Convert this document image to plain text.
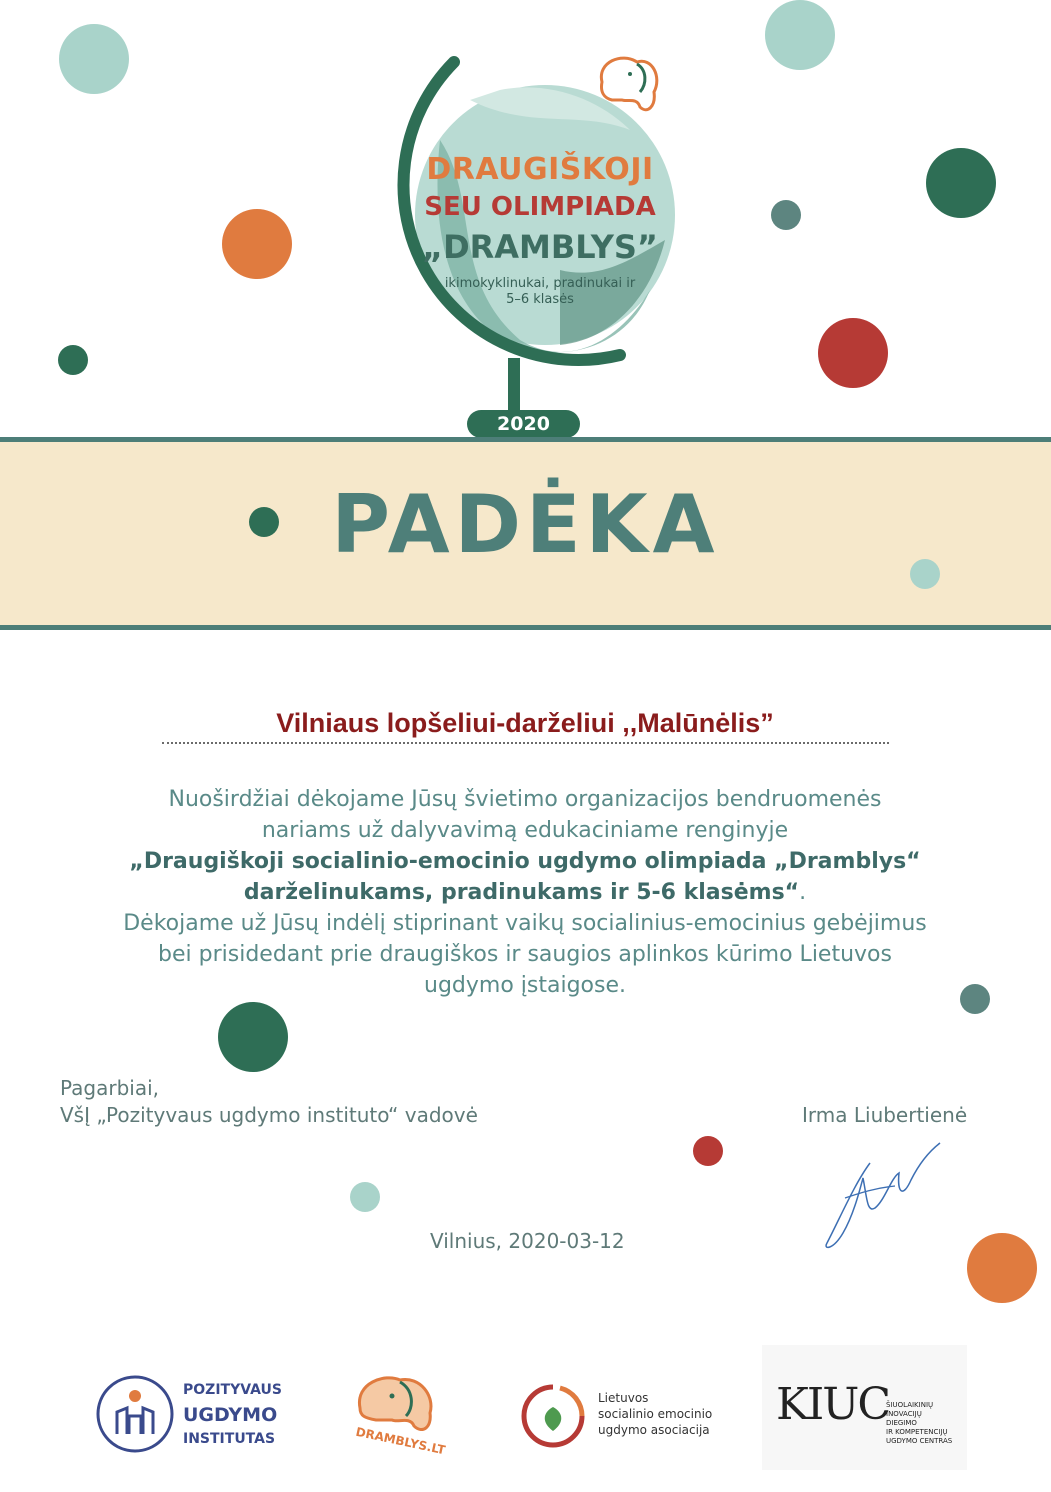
DRAUGIŠKOJI
SEU OLIMPIADA
„DRAMBLYS”
ikimokyklinukai, pradinukai ir 5–6 klasės
2020
PADĖKA
Vilniaus lopšeliui-darželiui ,,Malūnėlis”
Nuoširdžiai dėkojame Jūsų švietimo organizacijos bendruomenės
nariams už dalyvavimą edukaciniame renginyje
„Draugiškoji socialinio-emocinio ugdymo olimpiada „Dramblys“
darželinukams, pradinukams ir 5-6 klasėms“.
Dėkojame už Jūsų indėlį stiprinant vaikų socialinius-emocinius gebėjimus
bei prisidedant prie draugiškos ir saugios aplinkos kūrimo Lietuvos
ugdymo įstaigose.
Pagarbiai,
VšĮ „Pozityvaus ugdymo instituto“ vadovė	Irma Liubertienė
Vilnius, 2020-03-12
POZITYVAUS
UGDYMO
INSTITUTAS	DRAMBLYS.LT
Lietuvos
socialinio emocinio
ugdymo asociacija KIUC
ŠIUOLAIKINIŲ
INOVACIJŲ
DIEGIMO
IR KOMPETENCIJŲ
UGDYMO CENTRAS
